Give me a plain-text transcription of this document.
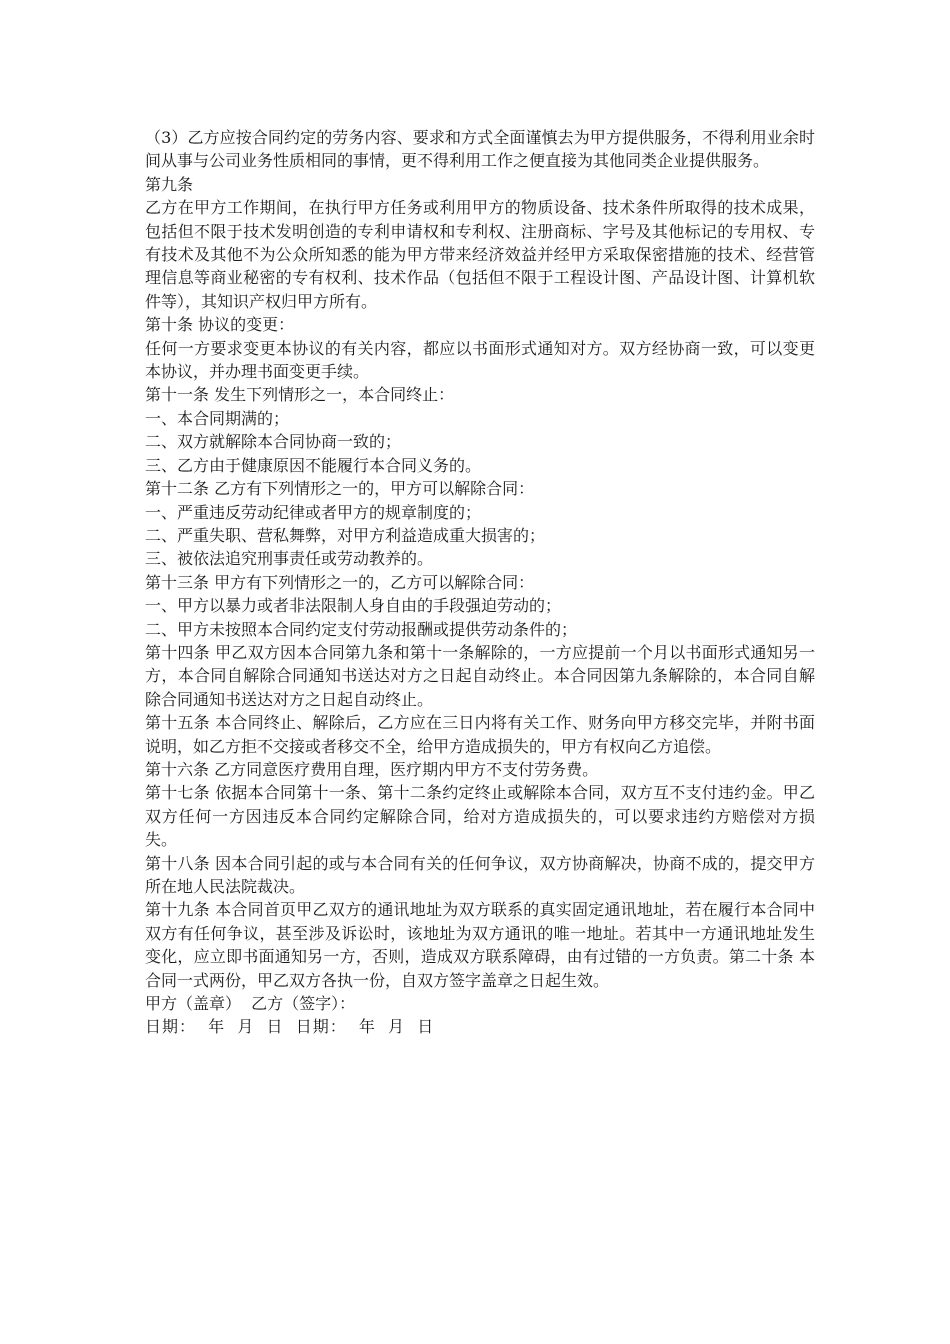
（3）乙方应按合同约定的劳务内容、要求和方式全面谨慎去为甲方提供服务，不得利用业余时间从事与公司业务性质相同的事情，更不得利用工作之便直接为其他同类企业提供服务。

第九条

乙方在甲方工作期间，在执行甲方任务或利用甲方的物质设备、技术条件所取得的技术成果，包括但不限于技术发明创造的专利申请权和专利权、注册商标、字号及其他标记的专用权、专有技术及其他不为公众所知悉的能为甲方带来经济效益并经甲方采取保密措施的技术、经营管理信息等商业秘密的专有权利、技术作品（包括但不限于工程设计图、产品设计图、计算机软件等），其知识产权归甲方所有。

第十条 协议的变更：

任何一方要求变更本协议的有关内容，都应以书面形式通知对方。双方经协商一致，可以变更本协议，并办理书面变更手续。

第十一条 发生下列情形之一，本合同终止：

一、本合同期满的；

二、双方就解除本合同协商一致的；

三、乙方由于健康原因不能履行本合同义务的。

第十二条 乙方有下列情形之一的，甲方可以解除合同：

一、严重违反劳动纪律或者甲方的规章制度的；

二、严重失职、营私舞弊，对甲方利益造成重大损害的；

三、被依法追究刑事责任或劳动教养的。

第十三条 甲方有下列情形之一的，乙方可以解除合同：

一、甲方以暴力或者非法限制人身自由的手段强迫劳动的；

二、甲方未按照本合同约定支付劳动报酬或提供劳动条件的；

第十四条 甲乙双方因本合同第九条和第十一条解除的，一方应提前一个月以书面形式通知另一方，本合同自解除合同通知书送达对方之日起自动终止。本合同因第九条解除的，本合同自解除合同通知书送达对方之日起自动终止。

第十五条 本合同终止、解除后，乙方应在三日内将有关工作、财务向甲方移交完毕，并附书面说明，如乙方拒不交接或者移交不全，给甲方造成损失的，甲方有权向乙方追偿。

第十六条 乙方同意医疗费用自理，医疗期内甲方不支付劳务费。

第十七条 依据本合同第十一条、第十二条约定终止或解除本合同，双方互不支付违约金。甲乙双方任何一方因违反本合同约定解除合同，给对方造成损失的，可以要求违约方赔偿对方损失。

第十八条 因本合同引起的或与本合同有关的任何争议，双方协商解决，协商不成的，提交甲方所在地人民法院裁决。

第十九条 本合同首页甲乙双方的通讯地址为双方联系的真实固定通讯地址，若在履行本合同中双方有任何争议，甚至涉及诉讼时，该地址为双方通讯的唯一地址。若其中一方通讯地址发生变化，应立即书面通知另一方，否则，造成双方联系障碍，由有过错的一方负责。第二十条 本合同一式两份，甲乙双方各执一份，自双方签字盖章之日起生效。

甲方（盖章）  乙方（签字）：

日期：  年  月  日  日期：  年  月  日
